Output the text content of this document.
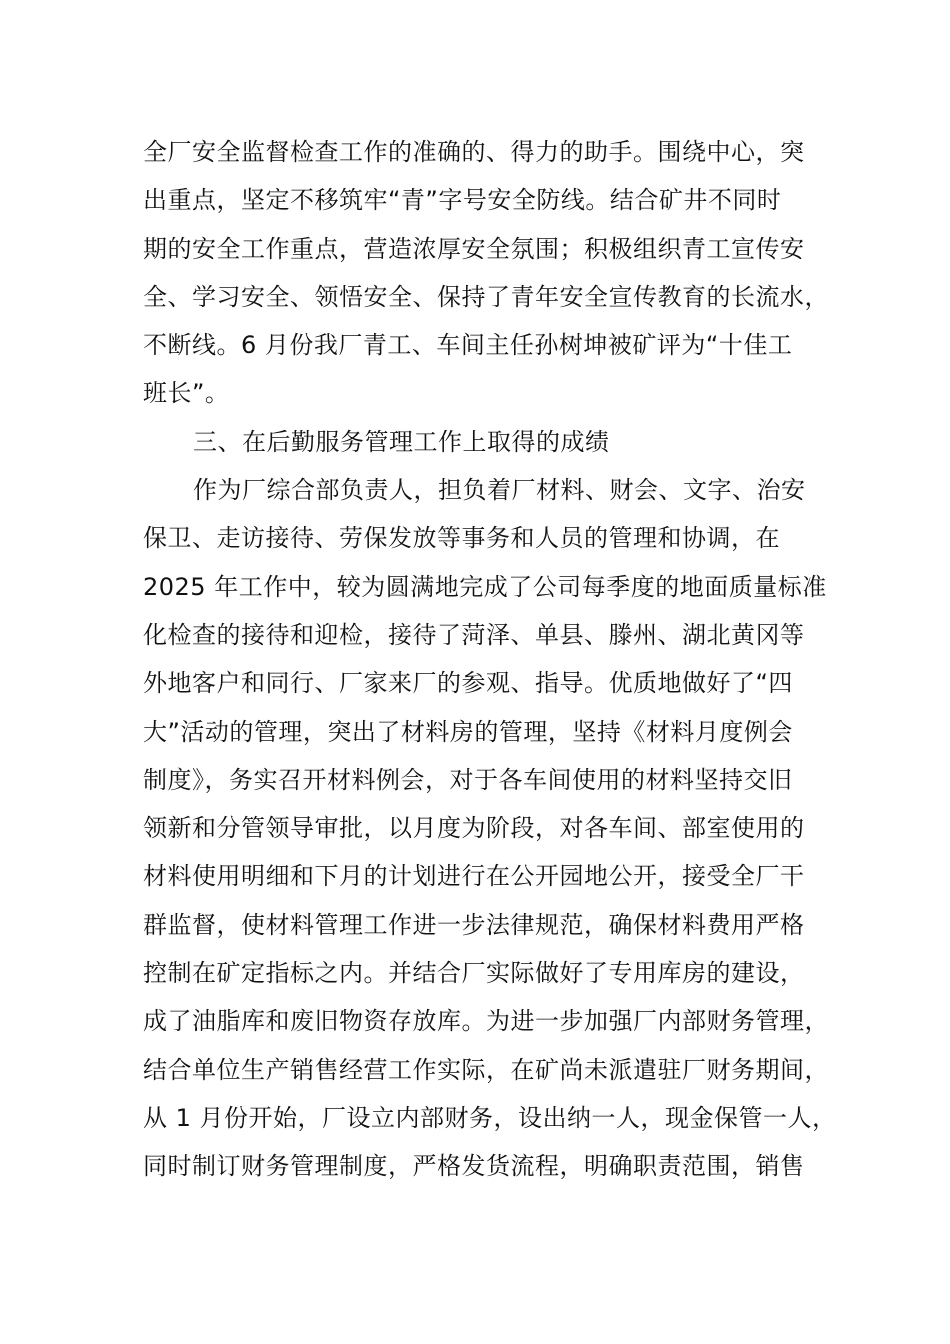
全厂安全监督检查工作的准确的、得力的助手。围绕中心，突
出重点，坚定不移筑牢“青”字号安全防线。结合矿井不同时
期的安全工作重点，营造浓厚安全氛围；积极组织青工宣传安
全、学习安全、领悟安全、保持了青年安全宣传教育的长流水，
不断线。6 月份我厂青工、车间主任孙树坤被矿评为“十佳工
班长”。
三、在后勤服务管理工作上取得的成绩
作为厂综合部负责人，担负着厂材料、财会、文字、治安
保卫、走访接待、劳保发放等事务和人员的管理和协调，在
2025 年工作中，较为圆满地完成了公司每季度的地面质量标准
化检查的接待和迎检，接待了菏泽、单县、滕州、湖北黄冈等
外地客户和同行、厂家来厂的参观、指导。优质地做好了“四
大”活动的管理，突出了材料房的管理，坚持《材料月度例会
制度》，务实召开材料例会，对于各车间使用的材料坚持交旧
领新和分管领导审批，以月度为阶段，对各车间、部室使用的
材料使用明细和下月的计划进行在公开园地公开，接受全厂干
群监督，使材料管理工作进一步法律规范，确保材料费用严格
控制在矿定指标之内。并结合厂实际做好了专用库房的建设，
成了油脂库和废旧物资存放库。为进一步加强厂内部财务管理，
结合单位生产销售经营工作实际，在矿尚未派遣驻厂财务期间，
从 1 月份开始，厂设立内部财务，设出纳一人，现金保管一人，
同时制订财务管理制度，严格发货流程，明确职责范围，销售
